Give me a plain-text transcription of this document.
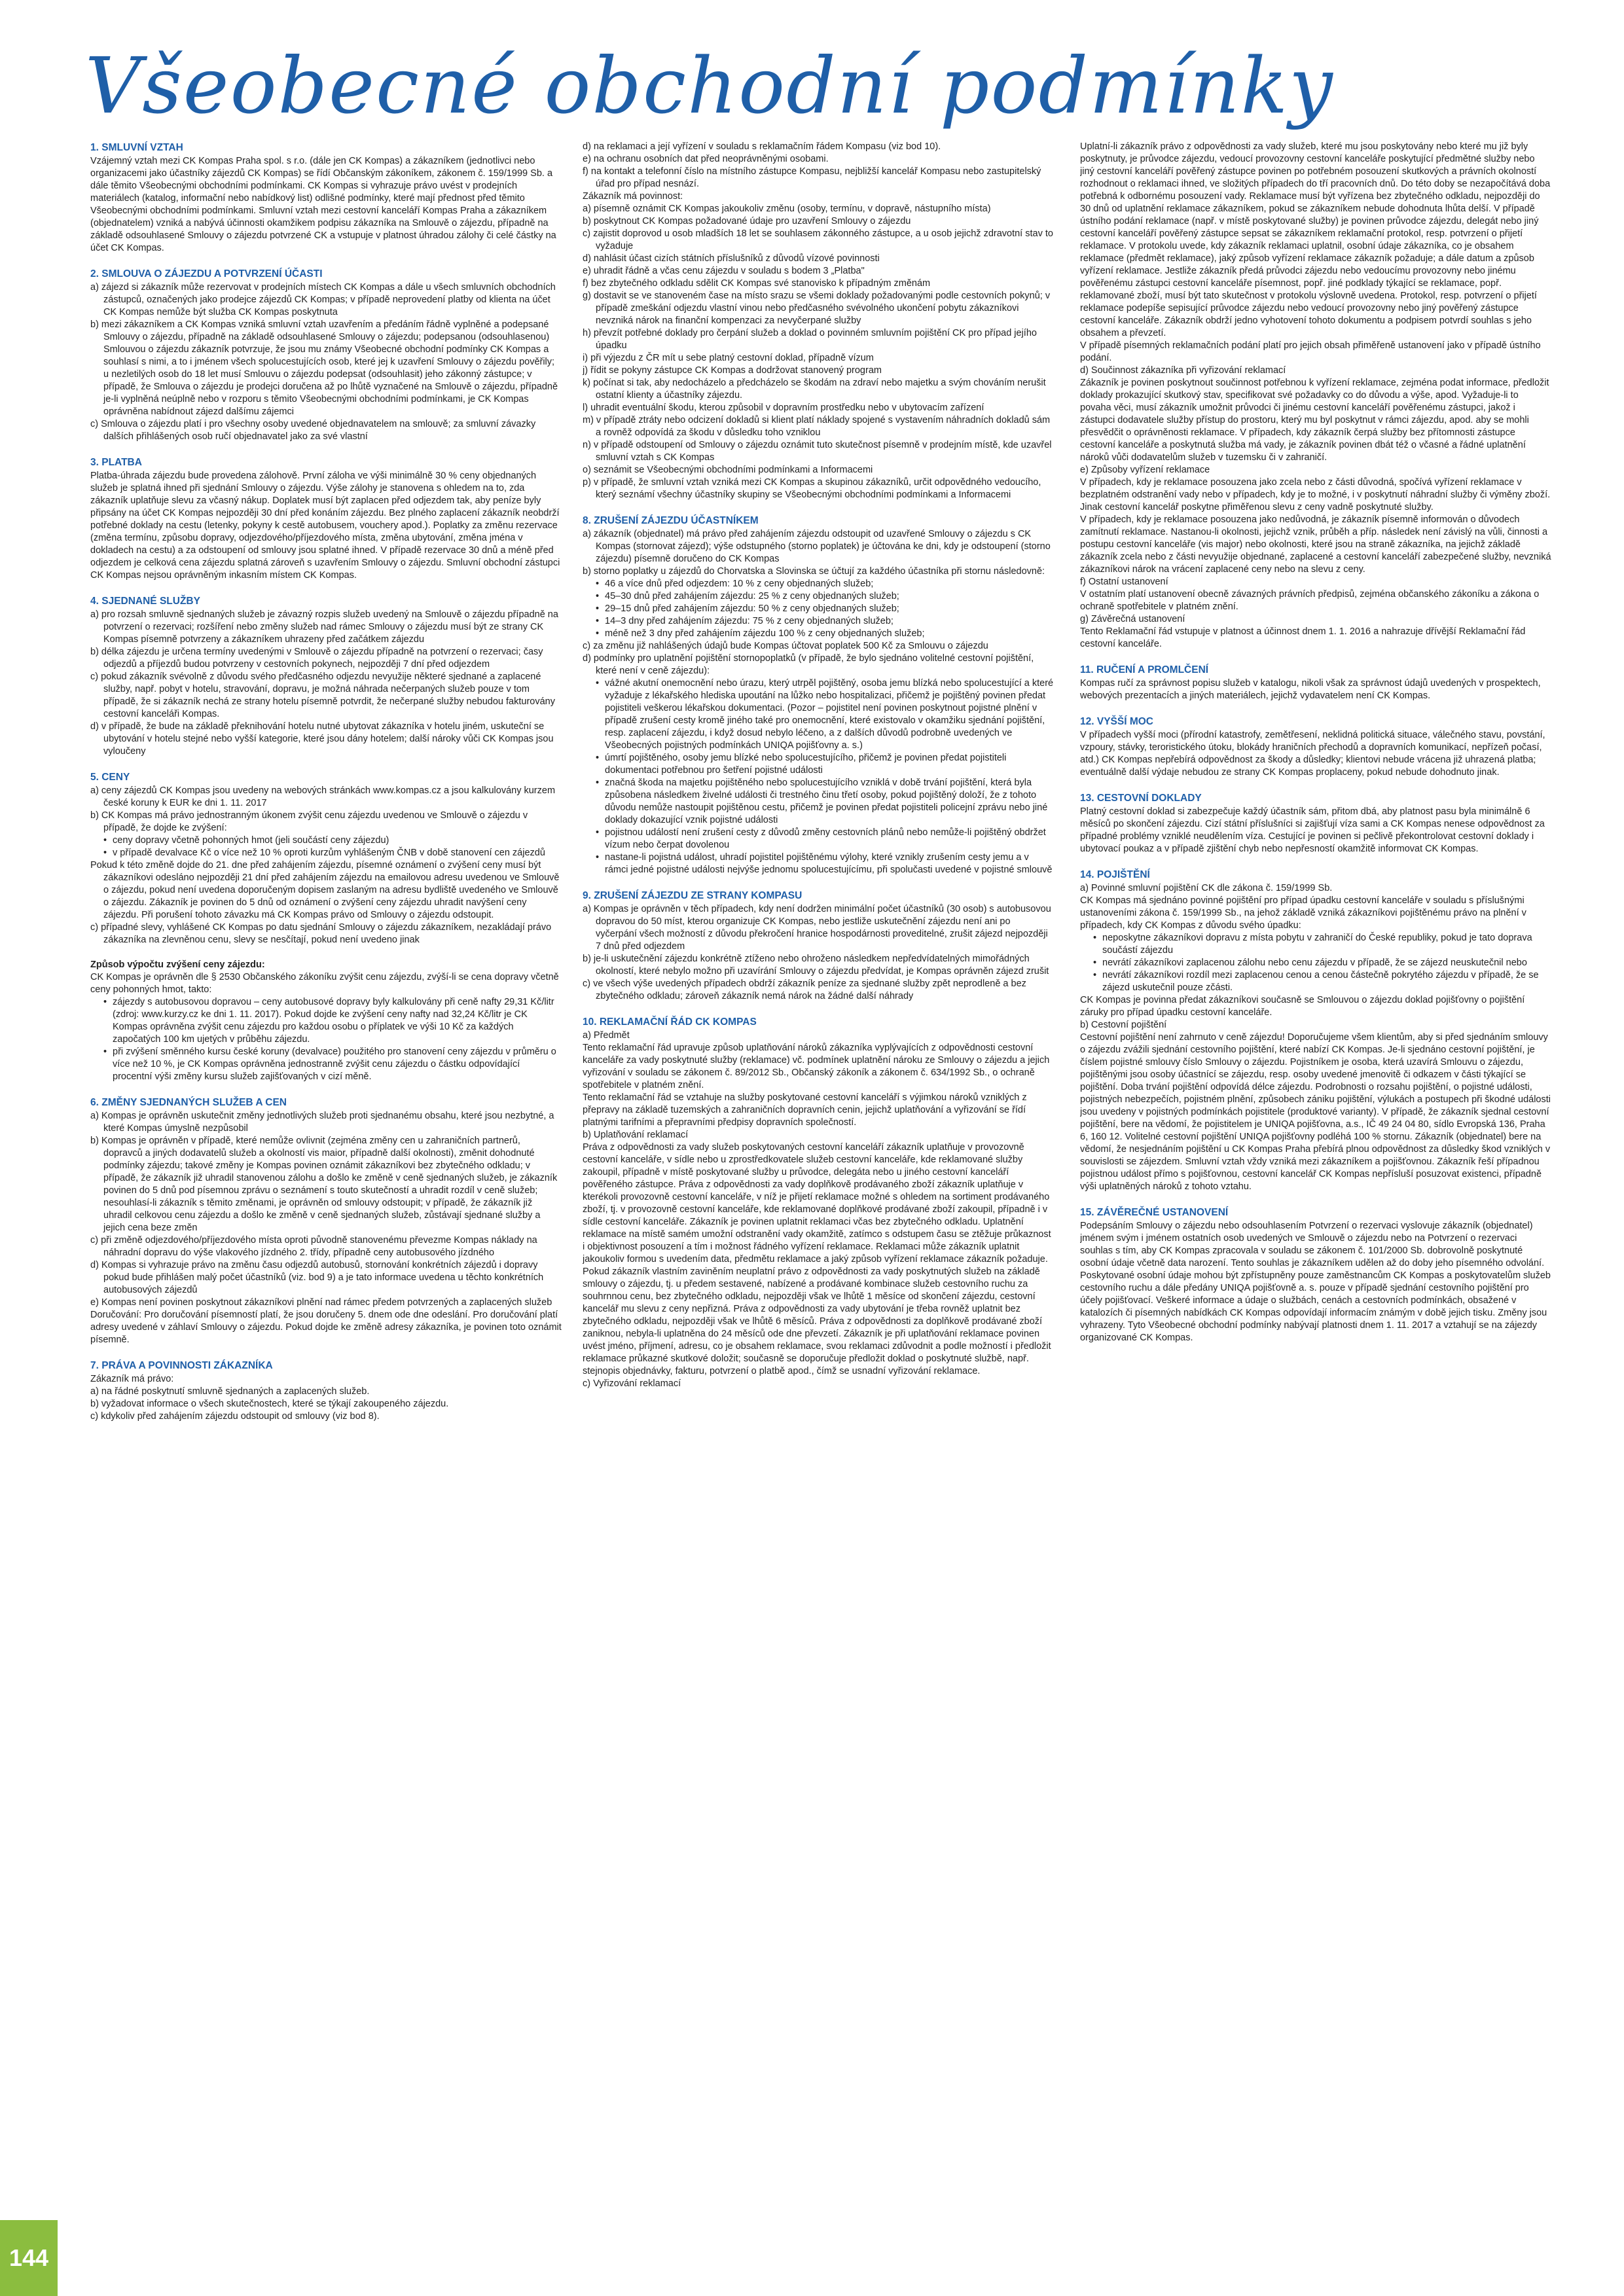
Všeobecné obchodní podmínky
1. SMLUVNÍ VZTAH

Vzájemný vztah mezi CK Kompas Praha spol. s r.o. (dále jen CK Kompas) a zákazníkem (jednotlivci nebo organizacemi jako účastníky zájezdů CK Kompas) se řídí Občanským zákoníkem, zákonem č. 159/1999 Sb. a dále těmito Všeobecnými obchodními podmínkami. CK Kompas si vyhrazuje právo uvést v prodejních materiálech (katalog, informační nebo nabídkový list) odlišné podmínky, které mají přednost před těmito Všeobecnými obchodními podmínkami. Smluvní vztah mezi cestovní kanceláří Kompas Praha a zákazníkem (objednatelem) vzniká a nabývá účinnosti okamžikem podpisu zákazníka na Smlouvě o zájezdu, případně na základě odsouhlasené Smlouvy o zájezdu potvrzené CK a vstupuje v platnost úhradou zálohy či celé částky na účet CK Kompas.

2. SMLOUVA O ZÁJEZDU A POTVRZENÍ ÚČASTI
a) zájezd si zákazník může rezervovat v prodejních místech CK Kompas a dále u všech smluvních obchodních zástupců, označených jako prodejce zájezdů CK Kompas; v případě neprovedení platby od klienta na účet CK Kompas nemůže být služba CK Kompas poskytnuta
b) mezi zákazníkem a CK Kompas vzniká smluvní vztah uzavřením a předáním řádně vyplněné a podepsané Smlouvy o zájezdu, případně na základě odsouhlasené Smlouvy o zájezdu; podepsanou (odsouhlasenou) Smlouvou o zájezdu zákazník potvrzuje, že jsou mu známy Všeobecné obchodní podmínky CK Kompas a souhlasí s nimi, a to i jménem všech spolucestujících osob, které jej k uzavření Smlouvy o zájezdu pověřily; u nezletilých osob do 18 let musí Smlouvu o zájezdu podepsat (odsouhlasit) jeho zákonný zástupce; v případě, že Smlouva o zájezdu je prodejci doručena až po lhůtě vyznačené na Smlouvě o zájezdu, případně je-li vyplněná neúplně nebo v rozporu s těmito Všeobecnými obchodními podmínkami, je CK Kompas oprávněna nabídnout zájezd dalšímu zájemci
c) Smlouva o zájezdu platí i pro všechny osoby uvedené objednavatelem na smlouvě; za smluvní závazky dalších přihlášených osob ručí objednavatel jako za své vlastní
3. PLATBA

Platba-úhrada zájezdu bude provedena zálohově. První záloha ve výši minimálně 30 % ceny objednaných služeb je splatná ihned při sjednání Smlouvy o zájezdu. Výše zálohy je stanovena s ohledem na to, zda zákazník uplatňuje slevu za včasný nákup. Doplatek musí být zaplacen před odjezdem tak, aby peníze byly připsány na účet CK Kompas nejpozději 30 dní před konáním zájezdu. Bez plného zaplacení zákazník neobdrží potřebné doklady na cestu (letenky, pokyny k cestě autobusem, vouchery apod.). Poplatky za změnu rezervace (změna termínu, způsobu dopravy, odjezdového/příjezdového místa, změna ubytování, změna jména v dokladech na cestu) a za odstoupení od smlouvy jsou splatné ihned. V případě rezervace 30 dnů a méně před odjezdem je celková cena zájezdu splatná zároveň s uzavřením Smlouvy o zájezdu. Smluvní obchodní zástupci CK Kompas nejsou oprávněným inkasním místem CK Kompas.

4. SJEDNANÉ SLUŽBY
a) pro rozsah smluvně sjednaných služeb je závazný rozpis služeb uvedený na Smlouvě o zájezdu případně na potvrzení o rezervaci; rozšíření nebo změny služeb nad rámec Smlouvy o zájezdu musí být ze strany CK Kompas písemně potvrzeny a zákazníkem uhrazeny před začátkem zájezdu
b) délka zájezdu je určena termíny uvedenými v Smlouvě o zájezdu případně na potvrzení o rezervaci; časy odjezdů a příjezdů budou potvrzeny v cestovních pokynech, nejpozději 7 dní před odjezdem
c) pokud zákazník svévolně z důvodu svého předčasného odjezdu nevyužije některé sjednané a zaplacené služby, např. pobyt v hotelu, stravování, dopravu, je možná náhrada nečerpaných služeb pouze v tom případě, že si zákazník nechá ze strany hotelu písemně potvrdit, že nečerpané služby nebudou fakturovány cestovní kanceláři Kompas.
d) v případě, že bude na základě překnihování hotelu nutné ubytovat zákazníka v hotelu jiném, uskuteční se ubytování v hotelu stejné nebo vyšší kategorie, které jsou dány hotelem; další nároky vůči CK Kompas jsou vyloučeny
5. CENY
a) ceny zájezdů CK Kompas jsou uvedeny na webových stránkách www.kompas.cz a jsou kalkulovány kurzem české koruny k EUR ke dni 1. 11. 2017
b) CK Kompas má právo jednostranným úkonem zvýšit cenu zájezdu uvedenou ve Smlouvě o zájezdu v případě, že dojde ke zvýšení:
• ceny dopravy včetně pohonných hmot (jeli součástí ceny zájezdu)
• v případě devalvace Kč o více než 10 % oproti kurzům vyhlášeným ČNB v době stanovení cen zájezdů
Pokud k této změně dojde do 21. dne před zahájením zájezdu, písemné oznámení o zvýšení ceny musí být zákazníkovi odesláno nejpozději 21 dní před zahájením zájezdu na emailovou adresu uvedenou ve Smlouvě o zájezdu, pokud není uvedena doporučeným dopisem zaslaným na adresu bydliště uvedeného ve Smlouvě o zájezdu. Zákazník je povinen do 5 dnů od oznámení o zvýšení ceny zájezdu uhradit navýšení ceny zájezdu. Při porušení tohoto závazku má CK Kompas právo od Smlouvy o zájezdu odstoupit.
c) případné slevy, vyhlášené CK Kompas po datu sjednání Smlouvy o zájezdu zákazníkem, nezakládají právo zákazníka na zlevněnou cenu, slevy se nesčítají, pokud není uvedeno jinak

Způsob výpočtu zvýšení ceny zájezdu:

CK Kompas je oprávněn dle § 2530 Občanského zákoníku zvýšit cenu zájezdu, zvýší-li se cena dopravy včetně ceny pohonných hmot, takto:

• zájezdy s autobusovou dopravou – ceny autobusové dopravy byly kalkulovány při ceně nafty 29,31 Kč/litr (zdroj: www.kurzy.cz ke dni 1. 11. 2017). Pokud dojde ke zvýšení ceny nafty nad 32,24 Kč/litr je CK Kompas oprávněna zvýšit cenu zájezdu pro každou osobu o příplatek ve výši 10 Kč za každých započatých 100 km ujetých v průběhu zájezdu.
• při zvýšení směnného kursu české koruny (devalvace) použitého pro stanovení ceny zájezdu v průměru o více než 10 %, je CK Kompas oprávněna jednostranně zvýšit cenu zájezdu o částku odpovídající procentní výši změny kursu služeb zajišťovaných v cizí měně.
6. ZMĚNY SJEDNANÝCH SLUŽEB A CEN
a) Kompas je oprávněn uskutečnit změny jednotlivých služeb proti sjednanému obsahu, které jsou nezbytné, a které Kompas úmyslně nezpůsobil
b) Kompas je oprávněn v případě, které nemůže ovlivnit (zejména změny cen u zahraničních partnerů, dopravců a jiných dodavatelů služeb a okolností vis maior, případně další okolnosti), změnit dohodnuté podmínky zájezdu; takové změny je Kompas povinen oznámit zákazníkovi bez zbytečného odkladu; v případě, že zákazník již uhradil stanovenou zálohu a došlo ke změně v ceně sjednaných služeb, je zákazník povinen do 5 dnů pod písemnou zprávu o seznámení s touto skutečností a uhradit rozdíl v ceně služeb; nesouhlasí-li zákazník s těmito změnami, je oprávněn od smlouvy odstoupit; v případě, že zákazník již uhradil celkovou cenu zájezdu a došlo ke změně v ceně sjednaných služeb, zůstávají sjednané služby a jejich cena beze změn
c) při změně odjezdového/příjezdového místa oproti původně stanovenému převezme Kompas náklady na náhradní dopravu do výše vlakového jízdného 2. třídy, případně ceny autobusového jízdného
d) Kompas si vyhrazuje právo na změnu času odjezdů autobusů, stornování konkrétních zájezdů i dopravy pokud bude přihlášen malý počet účastníků (viz. bod 9) a je tato informace uvedena u těchto konkrétních autobusových zájezdů
e) Kompas není povinen poskytnout zákazníkovi plnění nad rámec předem potvrzených a zaplacených služeb

Doručování: Pro doručování písemností platí, že jsou doručeny 5. dnem ode dne odeslání. Pro doručování platí adresy uvedené v záhlaví Smlouvy o zájezdu. Pokud dojde ke změně adresy zákazníka, je povinen toto oznámit písemně.

7. PRÁVA A POVINNOSTI ZÁKAZNÍKA

Zákazník má právo:

a) na řádné poskytnutí smluvně sjednaných a zaplacených služeb.
b) vyžadovat informace o všech skutečnostech, které se týkají zakoupeného zájezdu.
c) kdykoliv před zahájením zájezdu odstoupit od smlouvy (viz bod 8).
d) na reklamaci a její vyřízení v souladu s reklamačním řádem Kompasu (viz bod 10).
e) na ochranu osobních dat před neoprávněnými osobami.
f) na kontakt a telefonní číslo na místního zástupce Kompasu, nejbližší kancelář Kompasu nebo zastupitelský úřad pro případ nesnází.

Zákazník má povinnost:

a) písemně oznámit CK Kompas jakoukoliv změnu (osoby, termínu, v dopravě, nástupního místa)
b) poskytnout CK Kompas požadované údaje pro uzavření Smlouvy o zájezdu
c) zajistit doprovod u osob mladších 18 let se souhlasem zákonného zástupce, a u osob jejichž zdravotní stav to vyžaduje
d) nahlásit účast cizích státních příslušníků z důvodů vízové povinnosti
e) uhradit řádně a včas cenu zájezdu v souladu s bodem 3 „Platba"
f) bez zbytečného odkladu sdělit CK Kompas své stanovisko k případným změnám
g) dostavit se ve stanoveném čase na místo srazu se všemi doklady požadovanými podle cestovních pokynů; v případě zmeškání odjezdu vlastní vinou nebo předčasného svévolného ukončení pobytu zákazníkovi nevzniká nárok na finanční kompenzaci za nevyčerpané služby
h) převzít potřebné doklady pro čerpání služeb a doklad o povinném smluvním pojištění CK pro případ jejího úpadku
i) při výjezdu z ČR mít u sebe platný cestovní doklad, případně vízum
j) řídit se pokyny zástupce CK Kompas a dodržovat stanovený program
k) počínat si tak, aby nedocházelo a předcházelo se škodám na zdraví nebo majetku a svým chováním nerušit ostatní klienty a účastníky zájezdu.
l) uhradit eventuální škodu, kterou způsobil v dopravním prostředku nebo v ubytovacím zařízení
m) v případě ztráty nebo odcizení dokladů si klient platí náklady spojené s vystavením náhradních dokladů sám a rovněž odpovídá za škodu v důsledku toho vzniklou
n) v případě odstoupení od Smlouvy o zájezdu oznámit tuto skutečnost písemně v prodejním místě, kde uzavřel smluvní vztah s CK Kompas
o) seznámit se Všeobecnými obchodními podmínkami a Informacemi
p) v případě, že smluvní vztah vzniká mezi CK Kompas a skupinou zákazníků, určit odpovědného vedoucího, který seznámí všechny účastníky skupiny se Všeobecnými obchodními podmínkami a Informacemi
8. ZRUŠENÍ ZÁJEZDU ÚČASTNÍKEM
a) zákazník (objednatel) má právo před zahájením zájezdu odstoupit od uzavřené Smlouvy o zájezdu s CK Kompas (stornovat zájezd); výše odstupného (storno poplatek) je účtována ke dni, kdy je odstoupení (storno zájezdu) písemně doručeno do CK Kompas
b) storno poplatky u zájezdů do Chorvatska a Slovinska se účtují za každého účastníka při stornu následovně:
• 46 a více dnů před odjezdem: 10 % z ceny objednaných služeb;
• 45–30 dnů před zahájením zájezdu: 25 % z ceny objednaných služeb;
• 29–15 dnů před zahájením zájezdu: 50 % z ceny objednaných služeb;
• 14–3 dny před zahájením zájezdu: 75 % z ceny objednaných služeb;
• méně než 3 dny před zahájením zájezdu 100 % z ceny objednaných služeb;
c) za změnu již nahlášených údajů bude Kompas účtovat poplatek 500 Kč za Smlouvu o zájezdu
d) podmínky pro uplatnění pojištění stornopoplatků (v případě, že bylo sjednáno volitelné cestovní pojištění, které není v ceně zájezdu):
• vážné akutní onemocnění nebo úrazu, který utrpěl pojištěný, osoba jemu blízká nebo spolucestující a které vyžaduje z lékařského hlediska upoutání na lůžko nebo hospitalizaci, přičemž je pojištěný povinen předat pojistiteli veškerou lékařskou dokumentaci. (Pozor – pojistitel není povinen poskytnout pojistné plnění v případě zrušení cesty kromě jiného také pro onemocnění, které existovalo v okamžiku sjednání pojištění, resp. zaplacení zájezdu, i když dosud nebylo léčeno, a z dalších důvodů podrobně uvedených ve Všeobecných pojistných podmínkách UNIQA pojišťovny a. s.)
• úmrtí pojištěného, osoby jemu blízké nebo spolucestujícího, přičemž je povinen předat pojistiteli dokumentaci potřebnou pro šetření pojistné události
• značná škoda na majetku pojištěného nebo spolucestujícího vzniklá v době trvání pojištění, která byla způsobena následkem živelné události či trestného činu třetí osoby, pokud pojištěný doloží, že z tohoto důvodu nemůže nastoupit pojištěnou cestu, přičemž je povinen předat pojistiteli policejní zprávu nebo jiné doklady dokazující vznik pojistné události
• pojistnou událostí není zrušení cesty z důvodů změny cestovních plánů nebo nemůže-li pojištěný obdržet vízum nebo čerpat dovolenou
• nastane-li pojistná událost, uhradí pojistitel pojištěnému výlohy, které vznikly zrušením cesty jemu a v rámci jedné pojistné události nejvýše jednomu spolucestujícímu, při spolučasti uvedené v pojistné smlouvě
9. ZRUŠENÍ ZÁJEZDU ZE STRANY KOMPASU
a) Kompas je oprávněn v těch případech, kdy není dodržen minimální počet účastníků (30 osob) s autobusovou dopravou do 50 míst, kterou organizuje CK Kompas, nebo jestliže uskutečnění zájezdu není ani po vyčerpání všech možností z důvodu překročení hranice hospodárnosti proveditelné, zrušit zájezd nejpozději 7 dnů před odjezdem
b) je-li uskutečnění zájezdu konkrétně ztíženo nebo ohroženo následkem nepředvídatelných mimořádných okolností, které nebylo možno při uzavírání Smlouvy o zájezdu předvídat, je Kompas oprávněn zájezd zrušit
c) ve všech výše uvedených případech obdrží zákazník peníze za sjednané služby zpět neprodleně a bez zbytečného odkladu; zároveň zákazník nemá nárok na žádné další náhrady
10. REKLAMAČNÍ ŘÁD CK KOMPAS

a) Předmět

Tento reklamační řád upravuje způsob uplatňování nároků zákazníka vyplývajících z odpovědnosti cestovní kanceláře za vady poskytnuté služby (reklamace) vč. podmínek uplatnění nároku ze Smlouvy o zájezdu a jejich vyřizování v souladu se zákonem č. 89/2012 Sb., Občanský zákoník a zákonem č. 634/1992 Sb., o ochraně spotřebitele v platném znění.

Tento reklamační řád se vztahuje na služby poskytované cestovní kanceláří s výjimkou nároků vzniklých z přepravy na základě tuzemských a zahraničních dopravních cenin, jejichž uplatňování a vyřizování se řídí platnými tarifními a přepravními předpisy dopravních společností.

b) Uplatňování reklamací

Práva z odpovědnosti za vady služeb poskytovaných cestovní kanceláří zákazník uplatňuje v provozovně cestovní kanceláře, v sídle nebo u zprostředkovatele služeb cestovní kanceláře, kde reklamované služby zakoupil, případně v místě poskytované služby u průvodce, delegáta nebo u jiného cestovní kanceláří pověřeného zástupce. Práva z odpovědnosti za vady doplňkově prodávaného zboží zákazník uplatňuje v kterékoli provozovně cestovní kanceláře, v níž je přijetí reklamace možné s ohledem na sortiment prodávaného zboží, tj. v provozovně cestovní kanceláře, kde reklamované doplňkové prodávané zboží zakoupil, případně i v sídle cestovní kanceláře. Zákazník je povinen uplatnit reklamaci včas bez zbytečného odkladu. Uplatnění reklamace na místě samém umožní odstranění vady okamžitě, zatímco s odstupem času se ztěžuje průkaznost i objektivnost posouzení a tím i možnost řádného vyřízení reklamace. Reklamaci může zákazník uplatnit jakoukoliv formou s uvedením data, předmětu reklamace a jaký způsob vyřízení reklamace zákazník požaduje. Pokud zákazník vlastním zaviněním neuplatní právo z odpovědnosti za vady poskytnutých služeb na základě smlouvy o zájezdu, tj. u předem sestavené, nabízené a prodávané kombinace služeb cestovního ruchu za souhrnnou cenu, bez zbytečného odkladu, nejpozději však ve lhůtě 1 měsíce od skončení zájezdu, cestovní kancelář mu slevu z ceny nepřizná. Práva z odpovědnosti za vady ubytování je třeba rovněž uplatnit bez zbytečného odkladu, nejpozději však ve lhůtě 6 měsíců. Práva z odpovědnosti za doplňkově prodávané zboží zaniknou, nebyla-li uplatněna do 24 měsíců ode dne převzetí. Zákazník je při uplatňování reklamace povinen uvést jméno, příjmení, adresu, co je obsahem reklamace, svou reklamaci zdůvodnit a podle možností i předložit reklamace průkazné skutkové doložit; současně se doporučuje předložit doklad o poskytnuté službě, např. stejnopis objednávky, fakturu, potvrzení o platbě apod., čímž se usnadní vyřizování reklamace.

c) Vyřizování reklamací

Uplatní-li zákazník právo z odpovědnosti za vady služeb, které mu jsou poskytovány nebo které mu již byly poskytnuty, je průvodce zájezdu, vedoucí provozovny cestovní kanceláře poskytující předmětné služby nebo jiný cestovní kanceláří pověřený zástupce povinen po potřebném posouzení skutkových a právních okolností rozhodnout o reklamaci ihned, ve složitých případech do tří pracovních dnů. Do této doby se nezapočítává doba potřebná k odbornému posouzení vady. Reklamace musí být vyřízena bez zbytečného odkladu, nejpozději do 30 dnů od uplatnění reklamace zákazníkem, pokud se zákazníkem nebude dohodnuta lhůta delší. V případě ústního podání reklamace (např. v místě poskytované služby) je povinen průvodce zájezdu, delegát nebo jiný cestovní kanceláří pověřený zástupce sepsat se zákazníkem reklamační protokol, resp. potvrzení o přijetí reklamace. V protokolu uvede, kdy zákazník reklamaci uplatnil, osobní údaje zákazníka, co je obsahem reklamace (předmět reklamace), jaký způsob vyřízení reklamace zákazník požaduje; a dále datum a způsob vyřízení reklamace. Jestliže zákazník předá průvodci zájezdu nebo vedoucímu provozovny nebo jinému pověřenému zástupci cestovní kanceláře písemnost, popř. jiné podklady týkající se reklamace, popř. reklamované zboží, musí být tato skutečnost v protokolu výslovně uvedena. Protokol, resp. potvrzení o přijetí reklamace podepíše sepisující průvodce zájezdu nebo vedoucí provozovny nebo jiný pověřený zástupce cestovní kanceláře. Zákazník obdrží jedno vyhotovení tohoto dokumentu a podpisem potvrdí souhlas s jeho obsahem a převzetí.

V případě písemných reklamačních podání platí pro jejich obsah přiměřeně ustanovení jako v případě ústního podání.

d) Součinnost zákazníka při vyřizování reklamací

Zákazník je povinen poskytnout součinnost potřebnou k vyřízení reklamace, zejména podat informace, předložit doklady prokazující skutkový stav, specifikovat své požadavky co do důvodu a výše, apod. Vyžaduje-li to povaha věci, musí zákazník umožnit průvodci či jinému cestovní kanceláří pověřenému zástupci, jakož i zástupci dodavatele služby přístup do prostoru, který mu byl poskytnut v rámci zájezdu, apod. aby se mohli přesvědčit o oprávněnosti reklamace. V případech, kdy zákazník čerpá služby bez přítomnosti zástupce cestovní kanceláře a poskytnutá služba má vady, je zákazník povinen dbát též o včasné a řádné uplatnění nároků vůči dodavatelům služeb v tuzemsku či v zahraničí.

e) Způsoby vyřízení reklamace

V případech, kdy je reklamace posouzena jako zcela nebo z části důvodná, spočívá vyřízení reklamace v bezplatném odstranění vady nebo v případech, kdy je to možné, i v poskytnutí náhradní služby či výměny zboží. Jinak cestovní kancelář poskytne přiměřenou slevu z ceny vadně poskytnuté služby.

V případech, kdy je reklamace posouzena jako nedůvodná, je zákazník písemně informován o důvodech zamítnutí reklamace. Nastanou-li okolnosti, jejichž vznik, průběh a příp. následek není závislý na vůli, činnosti a postupu cestovní kanceláře (vis major) nebo okolnosti, které jsou na straně zákazníka, na jejichž základě zákazník zcela nebo z části nevyužije objednané, zaplacené a cestovní kanceláří zabezpečené služby, nevzniká zákazníkovi nárok na vrácení zaplacené ceny nebo na slevu z ceny.

f) Ostatní ustanovení

V ostatním platí ustanovení obecně závazných právních předpisů, zejména občanského zákoníku a zákona o ochraně spotřebitele v platném znění.

g) Závěrečná ustanovení

Tento Reklamační řád vstupuje v platnost a účinnost dnem 1. 1. 2016 a nahrazuje dřívější Reklamační řád cestovní kanceláře.

11. RUČENÍ A PROMLČENÍ

Kompas ručí za správnost popisu služeb v katalogu, nikoli však za správnost údajů uvedených v prospektech, webových prezentacích a jiných materiálech, jejichž vydavatelem není CK Kompas.

12. VYŠŠÍ MOC

V případech vyšší moci (přírodní katastrofy, zemětřesení, neklidná politická situace, válečného stavu, povstání, vzpoury, stávky, teroristického útoku, blokády hraničních přechodů a dopravních komunikací, nepřízeň počasí, atd.) CK Kompas nepřebírá odpovědnost za škody a důsledky; klientovi nebude vrácena již uhrazená platba; eventuálně další výdaje nebudou ze strany CK Kompas proplaceny, pokud nebude dohodnuto jinak.

13. CESTOVNÍ DOKLADY

Platný cestovní doklad si zabezpečuje každý účastník sám, přitom dbá, aby platnost pasu byla minimálně 6 měsíců po skončení zájezdu. Cizí státní příslušníci si zajišťují víza sami a CK Kompas nenese odpovědnost za případné problémy vzniklé neudělením víza. Cestující je povinen si pečlivě překontrolovat cestovní doklady i ubytovací poukaz a v případě zjištění chyb nebo nepřesností okamžitě informovat CK Kompas.

14. POJIŠTĚNÍ

a) Povinné smluvní pojištění CK dle zákona č. 159/1999 Sb.

CK Kompas má sjednáno povinné pojištění pro případ úpadku cestovní kanceláře v souladu s příslušnými ustanoveními zákona č. 159/1999 Sb., na jehož základě vzniká zákazníkovi pojištěnému právo na plnění v případech, kdy CK Kompas z důvodu svého úpadku:

• neposkytne zákazníkovi dopravu z místa pobytu v zahraničí do České republiky, pokud je tato doprava součástí zájezdu
• nevrátí zákazníkovi zaplacenou zálohu nebo cenu zájezdu v případě, že se zájezd neuskutečnil nebo
• nevrátí zákazníkovi rozdíl mezi zaplacenou cenou a cenou částečně pokrytého zájezdu v případě, že se zájezd uskutečnil pouze zčásti.

CK Kompas je povinna předat zákazníkovi současně se Smlouvou o zájezdu doklad pojišťovny o pojištění záruky pro případ úpadku cestovní kanceláře.

b) Cestovní pojištění

Cestovní pojištění není zahrnuto v ceně zájezdu! Doporučujeme všem klientům, aby si před sjednáním smlouvy o zájezdu zvážili sjednání cestovního pojištění, které nabízí CK Kompas. Je-li sjednáno cestovní pojištění, je číslem pojistné smlouvy číslo Smlouvy o zájezdu. Pojistníkem je osoba, která uzavírá Smlouvu o zájezdu, pojištěnými jsou osoby účastnící se zájezdu, resp. osoby uvedené jmenovitě či odkazem v části týkající se pojištění. Doba trvání pojištění odpovídá délce zájezdu. Podrobnosti o rozsahu pojištění, o pojistné události, pojistných nebezpečích, pojistném plnění, způsobech zániku pojištění, výlukách a postupech při škodné události jsou uvedeny v pojistných podmínkách pojistitele (produktové varianty). V případě, že zákazník sjednal cestovní pojištění, bere na vědomí, že pojistitelem je UNIQA pojišťovna, a.s., IČ 49 24 04 80, sídlo Evropská 136, Praha 6, 160 12. Volitelné cestovní pojištění UNIQA pojišťovny podléhá 100 % stornu. Zákazník (objednatel) bere na vědomí, že nesjednáním pojištění u CK Kompas Praha přebírá plnou odpovědnost za důsledky škod vzniklých v souvislosti se zájezdem. Smluvní vztah vždy vzniká mezi zákazníkem a pojišťovnou. Zákazník řeší případnou pojistnou událost přímo s pojišťovnou, cestovní kancelář CK Kompas nepřísluší posuzovat existenci, případně výši uplatněných nároků z tohoto vztahu.

15. ZÁVĚREČNÉ USTANOVENÍ

Podepsáním Smlouvy o zájezdu nebo odsouhlasením Potvrzení o rezervaci vyslovuje zákazník (objednatel) jménem svým i jménem ostatních osob uvedených ve Smlouvě o zájezdu nebo na Potvrzení o rezervaci souhlas s tím, aby CK Kompas zpracovala v souladu se zákonem č. 101/2000 Sb. dobrovolně poskytnuté osobní údaje včetně data narození. Tento souhlas je zákazníkem udělen až do doby jeho písemného odvolání. Poskytované osobní údaje mohou být zpřístupněny pouze zaměstnancům CK Kompas a poskytovatelům služeb cestovního ruchu a dále předány UNIQA pojišťovně a. s. pouze v případě sjednání cestovního pojištění pro účely pojišťovací. Veškeré informace a údaje o službách, cenách a cestovních podmínkách, obsažené v katalozích či písemných nabídkách CK Kompas odpovídají informacím známým v době jejich tisku. Změny jsou vyhrazeny. Tyto Všeobecné obchodní podmínky nabývají platnosti dnem 1. 11. 2017 a vztahují se na zájezdy organizované CK Kompas.

144
